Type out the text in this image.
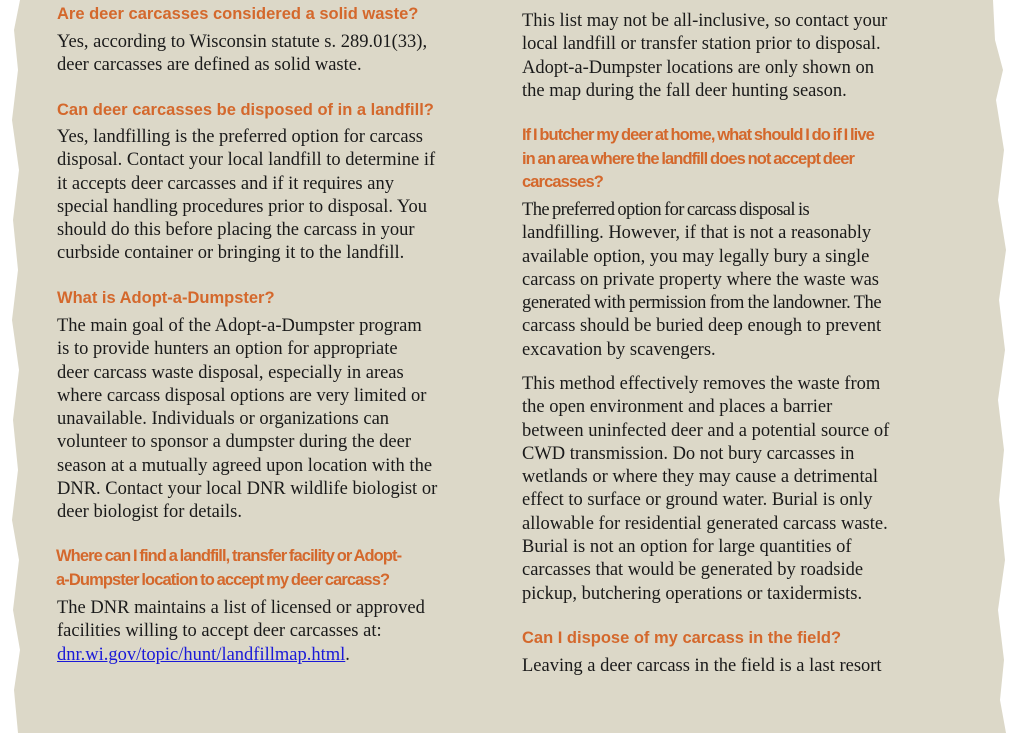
Are deer carcasses considered a solid waste?

Yes, according to Wisconsin statute s. 289.01(33),
deer carcasses are defined as solid waste.

Can deer carcasses be disposed of in a landfill?

Yes, landfilling is the preferred option for carcass
disposal. Contact your local landfill to determine if
it accepts deer carcasses and if it requires any
special handling procedures prior to disposal. You
should do this before placing the carcass in your
curbside container or bringing it to the landfill.

What is Adopt-a-Dumpster?

The main goal of the Adopt-a-Dumpster program
is to provide hunters an option for appropriate
deer carcass waste disposal, especially in areas
where carcass disposal options are very limited or
unavailable. Individuals or organizations can
volunteer to sponsor a dumpster during the deer
season at a mutually agreed upon location with the
DNR. Contact your local DNR wildlife biologist or
deer biologist for details.

Where can I find a landfill, transfer facility or Adopt-
a-Dumpster location to accept my deer carcass?

The DNR maintains a list of licensed or approved
facilities willing to accept deer carcasses at:
dnr.wi.gov/topic/hunt/landfillmap.html.

This list may not be all-inclusive, so contact your
local landfill or transfer station prior to disposal.
Adopt-a-Dumpster locations are only shown on
the map during the fall deer hunting season.

If I butcher my deer at home, what should I do if I live
in an area where the landfill does not accept deer
carcasses?

The preferred option for carcass disposal is
landfilling. However, if that is not a reasonably
available option, you may legally bury a single
carcass on private property where the waste was
generated with permission from the landowner. The
carcass should be buried deep enough to prevent
excavation by scavengers.

This method effectively removes the waste from
the open environment and places a barrier
between uninfected deer and a potential source of
CWD transmission. Do not bury carcasses in
wetlands or where they may cause a detrimental
effect to surface or ground water. Burial is only
allowable for residential generated carcass waste.
Burial is not an option for large quantities of
carcasses that would be generated by roadside
pickup, butchering operations or taxidermists.

Can I dispose of my carcass in the field?

Leaving a deer carcass in the field is a last resort
